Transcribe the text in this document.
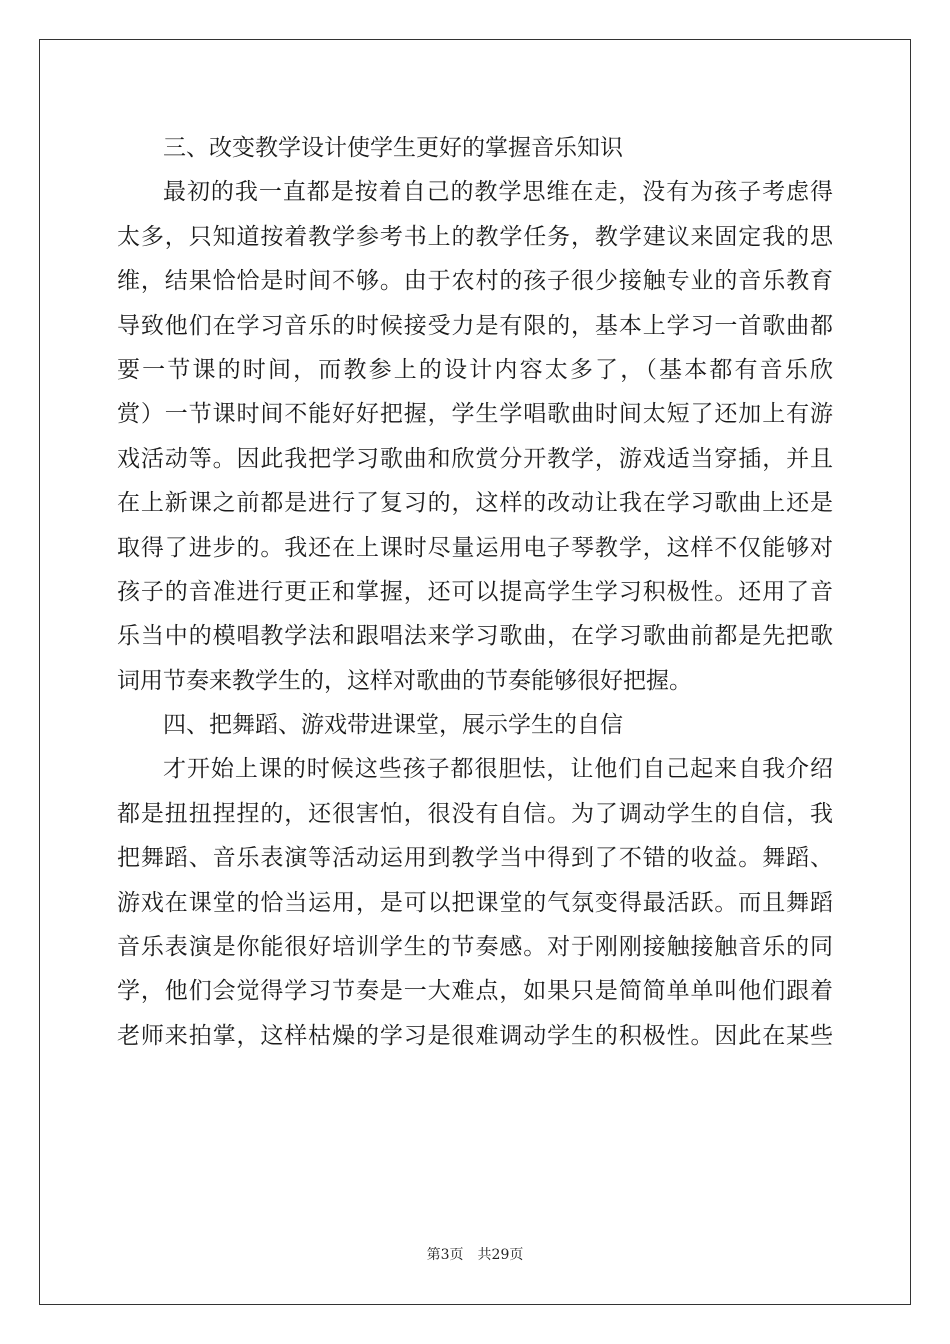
三、改变教学设计使学生更好的掌握音乐知识
最初的我一直都是按着自己的教学思维在走，没有为孩子考虑得
太多，只知道按着教学参考书上的教学任务，教学建议来固定我的思
维，结果恰恰是时间不够。由于农村的孩子很少接触专业的音乐教育
导致他们在学习音乐的时候接受力是有限的，基本上学习一首歌曲都
要一节课的时间，而教参上的设计内容太多了，（基本都有音乐欣
赏）一节课时间不能好好把握，学生学唱歌曲时间太短了还加上有游
戏活动等。因此我把学习歌曲和欣赏分开教学，游戏适当穿插，并且
在上新课之前都是进行了复习的，这样的改动让我在学习歌曲上还是
取得了进步的。我还在上课时尽量运用电子琴教学，这样不仅能够对
孩子的音准进行更正和掌握，还可以提高学生学习积极性。还用了音
乐当中的模唱教学法和跟唱法来学习歌曲，在学习歌曲前都是先把歌
词用节奏来教学生的，这样对歌曲的节奏能够很好把握。
四、把舞蹈、游戏带进课堂，展示学生的自信
才开始上课的时候这些孩子都很胆怯，让他们自己起来自我介绍
都是扭扭捏捏的，还很害怕，很没有自信。为了调动学生的自信，我
把舞蹈、音乐表演等活动运用到教学当中得到了不错的收益。舞蹈、
游戏在课堂的恰当运用，是可以把课堂的气氛变得最活跃。而且舞蹈
音乐表演是你能很好培训学生的节奏感。对于刚刚接触接触音乐的同
学，他们会觉得学习节奏是一大难点，如果只是简简单单叫他们跟着
老师来拍掌，这样枯燥的学习是很难调动学生的积极性。因此在某些
第3页 共29页
